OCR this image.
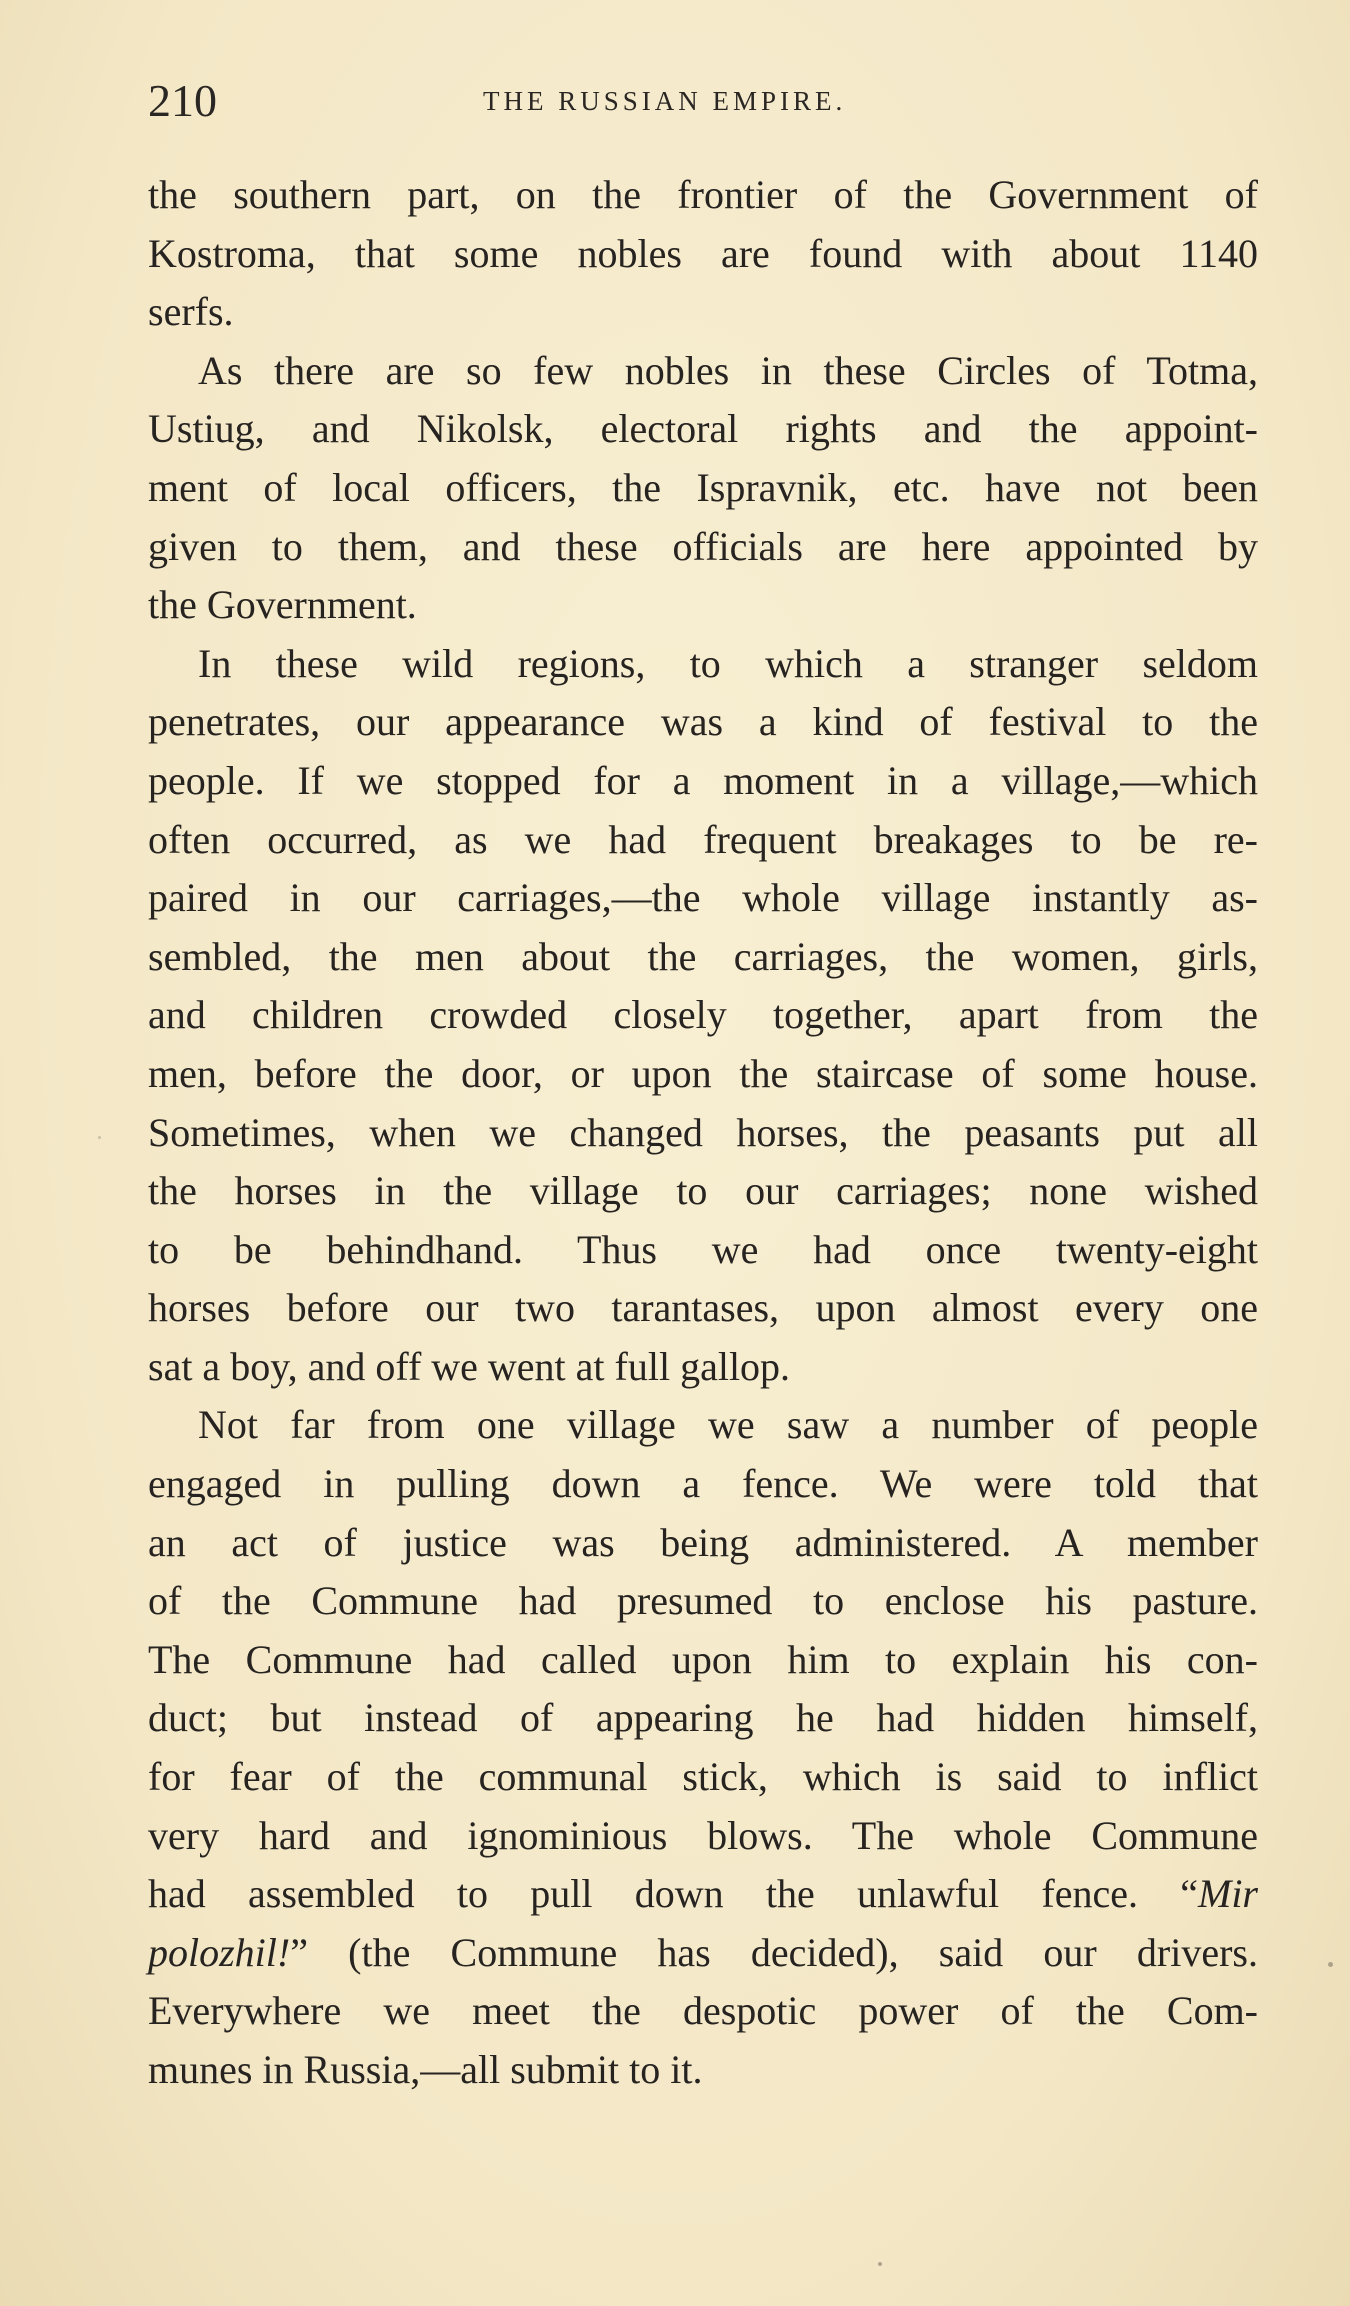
210	THE RUSSIAN EMPIRE.
the southern part, on the frontier of the Government of
Kostroma, that some nobles are found with about 1140
serfs.
As there are so few nobles in these Circles of Totma,
Ustiug, and Nikolsk, electoral rights and the appoint-
ment of local officers, the Ispravnik, etc. have not been
given to them, and these officials are here appointed by
the Government.
In these wild regions, to which a stranger seldom
penetrates, our appearance was a kind of festival to the
people. If we stopped for a moment in a village,—which
often occurred, as we had frequent breakages to be re-
paired in our carriages,—the whole village instantly as-
sembled, the men about the carriages, the women, girls,
and children crowded closely together, apart from the
men, before the door, or upon the staircase of some house.
Sometimes, when we changed horses, the peasants put all
the horses in the village to our carriages; none wished
to be behindhand. Thus we had once twenty-eight
horses before our two tarantases, upon almost every one
sat a boy, and off we went at full gallop.
Not far from one village we saw a number of people
engaged in pulling down a fence. We were told that
an act of justice was being administered. A member
of the Commune had presumed to enclose his pasture.
The Commune had called upon him to explain his con-
duct; but instead of appearing he had hidden himself,
for fear of the communal stick, which is said to inflict
very hard and ignominious blows. The whole Commune
had assembled to pull down the unlawful fence. “Mir
polozhil!” (the Commune has decided), said our drivers.
Everywhere we meet the despotic power of the Com-
munes in Russia,—all submit to it.
